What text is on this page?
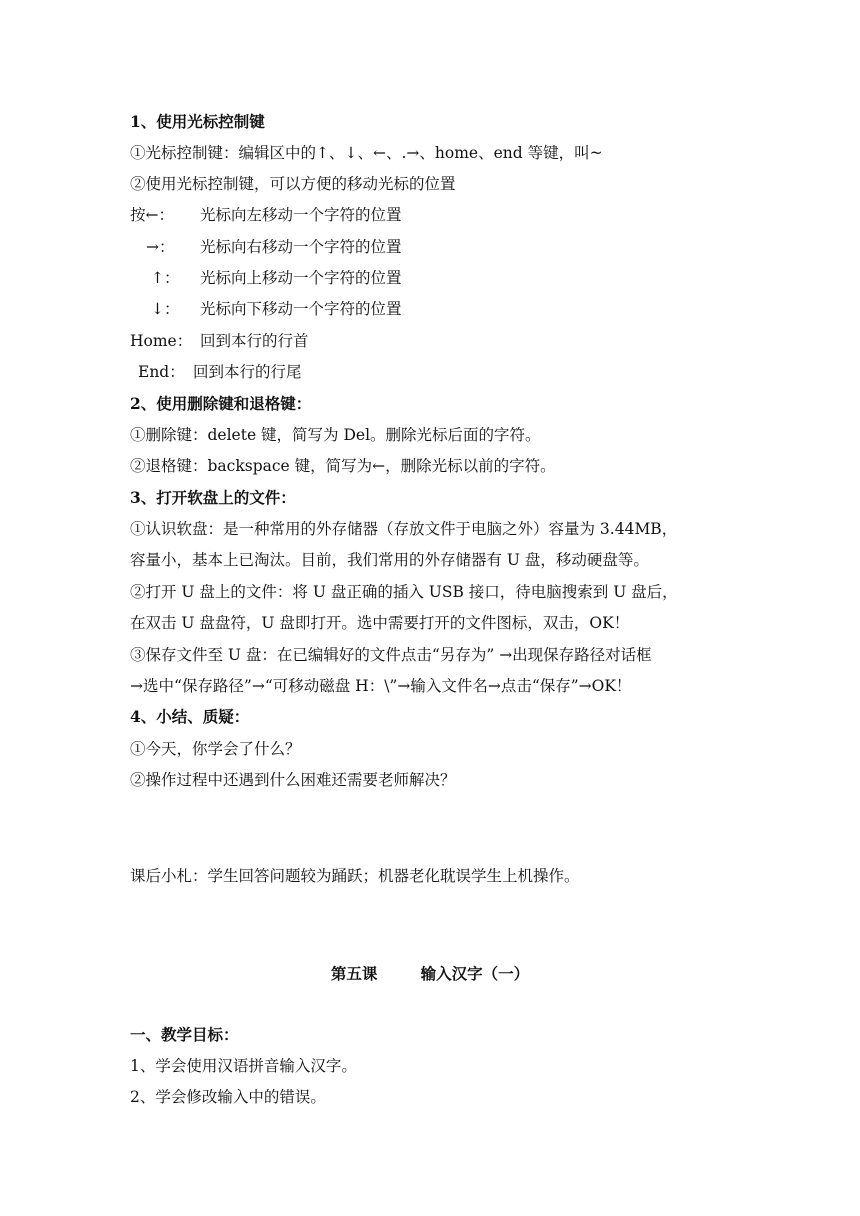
1、使用光标控制键
①光标控制键：编辑区中的↑、↓、←、.→、home、end 等键，叫~
②使用光标控制键，可以方便的移动光标的位置
按←： 光标向左移动一个字符的位置
→： 光标向右移动一个字符的位置
↑： 光标向上移动一个字符的位置
↓： 光标向下移动一个字符的位置
Home： 回到本行的行首
End： 回到本行的行尾
2、使用删除键和退格键：
①删除键：delete 键，简写为 Del。删除光标后面的字符。
②退格键：backspace 键，简写为←，删除光标以前的字符。
3、打开软盘上的文件：
①认识软盘：是一种常用的外存储器（存放文件于电脑之外）容量为 3.44MB，
容量小，基本上已淘汰。目前，我们常用的外存储器有 U 盘，移动硬盘等。
②打开 U 盘上的文件：将 U 盘正确的插入 USB 接口，待电脑搜索到 U 盘后，
在双击 U 盘盘符，U 盘即打开。选中需要打开的文件图标，双击，OK！
③保存文件至 U 盘：在已编辑好的文件点击“另存为” →出现保存路径对话框
→选中“保存路径”→“可移动磁盘 H：\”→输入文件名→点击“保存”→OK！
4、小结、质疑：
①今天，你学会了什么？
②操作过程中还遇到什么困难还需要老师解决？
课后小札：学生回答问题较为踊跃；机器老化耽误学生上机操作。
第五课        输入汉字（一）
一、教学目标：
1、学会使用汉语拼音输入汉字。
2、学会修改输入中的错误。
